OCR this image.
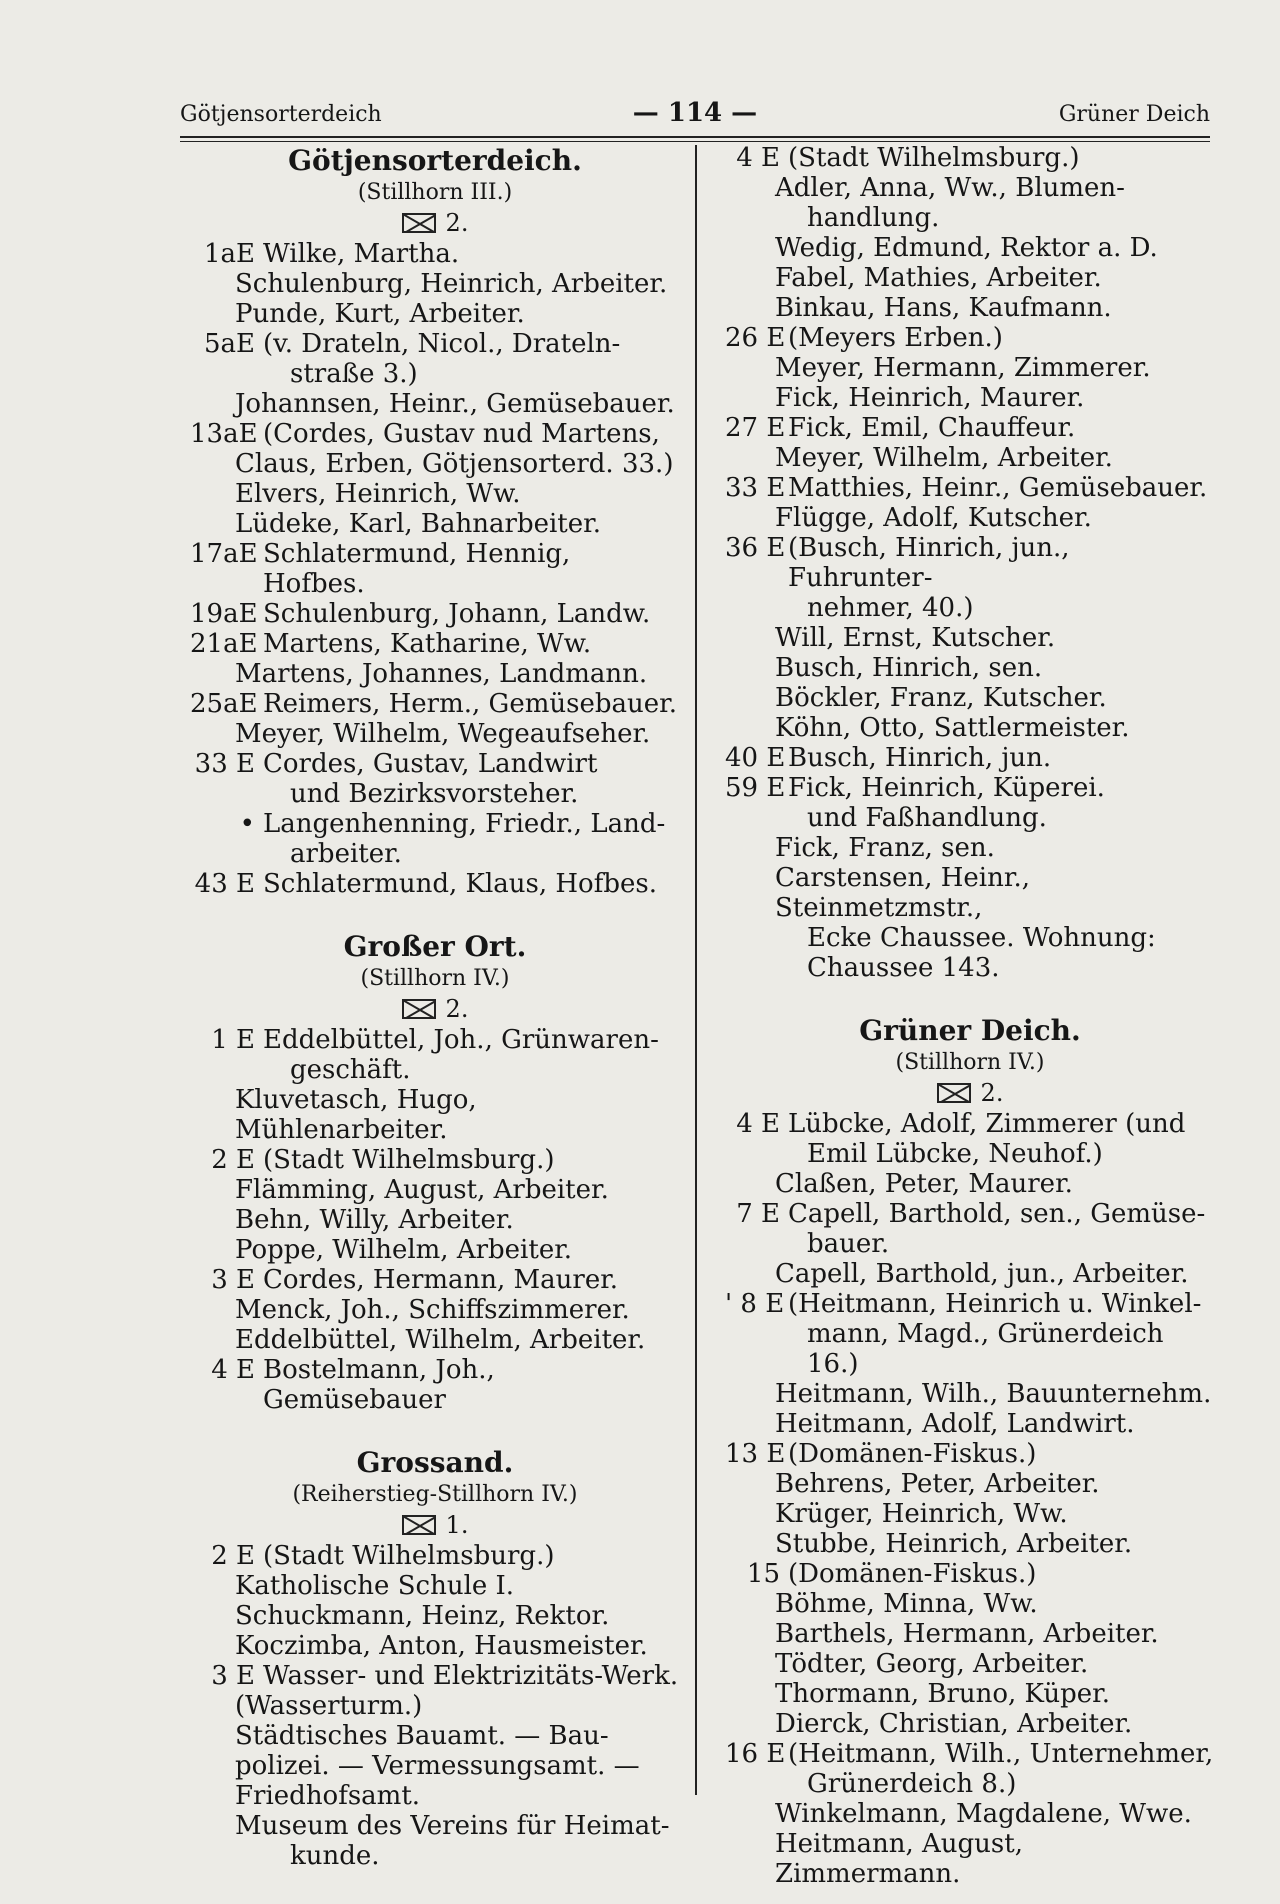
Götjensorterdeich	— 114 —	Grüner Deich
Götjensorterdeich.
(Stillhorn III.)
2.
1aE Wilke, Martha.
Schulenburg, Heinrich, Arbeiter.
Punde, Kurt, Arbeiter.
5aE (v. Drateln, Nicol., Drateln-
straße 3.)
Johannsen, Heinr., Gemüsebauer.
13aE (Cordes, Gustav nud Martens,
Claus, Erben, Götjensorterd. 33.)
Elvers, Heinrich, Ww.
Lüdeke, Karl, Bahnarbeiter.
17aE Schlatermund, Hennig, Hofbes.
19aE Schulenburg, Johann, Landw.
21aE Martens, Katharine, Ww.
Martens, Johannes, Landmann.
25aE Reimers, Herm., Gemüsebauer.
Meyer, Wilhelm, Wegeaufseher.
33 E Cordes, Gustav, Landwirt
und Bezirksvorsteher.
• Langenhenning, Friedr., Land-
arbeiter.
43 E Schlatermund, Klaus, Hofbes.
Großer Ort.
(Stillhorn IV.)
2.
1 E Eddelbüttel, Joh., Grünwaren-
geschäft.
Kluvetasch, Hugo, Mühlenarbeiter.
2 E (Stadt Wilhelmsburg.)
Flämming, August, Arbeiter.
Behn, Willy, Arbeiter.
Poppe, Wilhelm, Arbeiter.
3 E Cordes, Hermann, Maurer.
Menck, Joh., Schiffszimmerer.
Eddelbüttel, Wilhelm, Arbeiter.
4 E Bostelmann, Joh., Gemüsebauer
Grossand.
(Reiherstieg-Stillhorn IV.)
1.
2 E (Stadt Wilhelmsburg.)
Katholische Schule I.
Schuckmann, Heinz, Rektor.
Koczimba, Anton, Hausmeister.
3 E Wasser- und Elektrizitäts-Werk.
(Wasserturm.)
Städtisches Bauamt. — Bau-
polizei. — Vermessungsamt. —
Friedhofsamt.
Museum des Vereins für Heimat-
kunde.
4 E (Stadt Wilhelmsburg.)
Adler, Anna, Ww., Blumen-
handlung.
Wedig, Edmund, Rektor a. D.
Fabel, Mathies, Arbeiter.
Binkau, Hans, Kaufmann.
26 E (Meyers Erben.)
Meyer, Hermann, Zimmerer.
Fick, Heinrich, Maurer.
27 E Fick, Emil, Chauffeur.
Meyer, Wilhelm, Arbeiter.
33 E Matthies, Heinr., Gemüsebauer.
Flügge, Adolf, Kutscher.
36 E (Busch, Hinrich, jun., Fuhrunter-
nehmer, 40.)
Will, Ernst, Kutscher.
Busch, Hinrich, sen.
Böckler, Franz, Kutscher.
Köhn, Otto, Sattlermeister.
40 E Busch, Hinrich, jun.
59 E Fick, Heinrich, Küperei.
und Faßhandlung.
Fick, Franz, sen.
Carstensen, Heinr., Steinmetzmstr.,
Ecke Chaussee. Wohnung:
Chaussee 143.
Grüner Deich.
(Stillhorn IV.)
2.
4 E Lübcke, Adolf, Zimmerer (und
Emil Lübcke, Neuhof.)
Claßen, Peter, Maurer.
7 E Capell, Barthold, sen., Gemüse-
bauer.
Capell, Barthold, jun., Arbeiter.
' 8 E (Heitmann, Heinrich u. Winkel-
mann, Magd., Grünerdeich 16.)
Heitmann, Wilh., Bauunternehm.
Heitmann, Adolf, Landwirt.
13 E (Domänen-Fiskus.)
Behrens, Peter, Arbeiter.
Krüger, Heinrich, Ww.
Stubbe, Heinrich, Arbeiter.
15 (Domänen-Fiskus.)
Böhme, Minna, Ww.
Barthels, Hermann, Arbeiter.
Tödter, Georg, Arbeiter.
Thormann, Bruno, Küper.
Dierck, Christian, Arbeiter.
16 E (Heitmann, Wilh., Unternehmer,
Grünerdeich 8.)
Winkelmann, Magdalene, Wwe.
Heitmann, August, Zimmermann.
